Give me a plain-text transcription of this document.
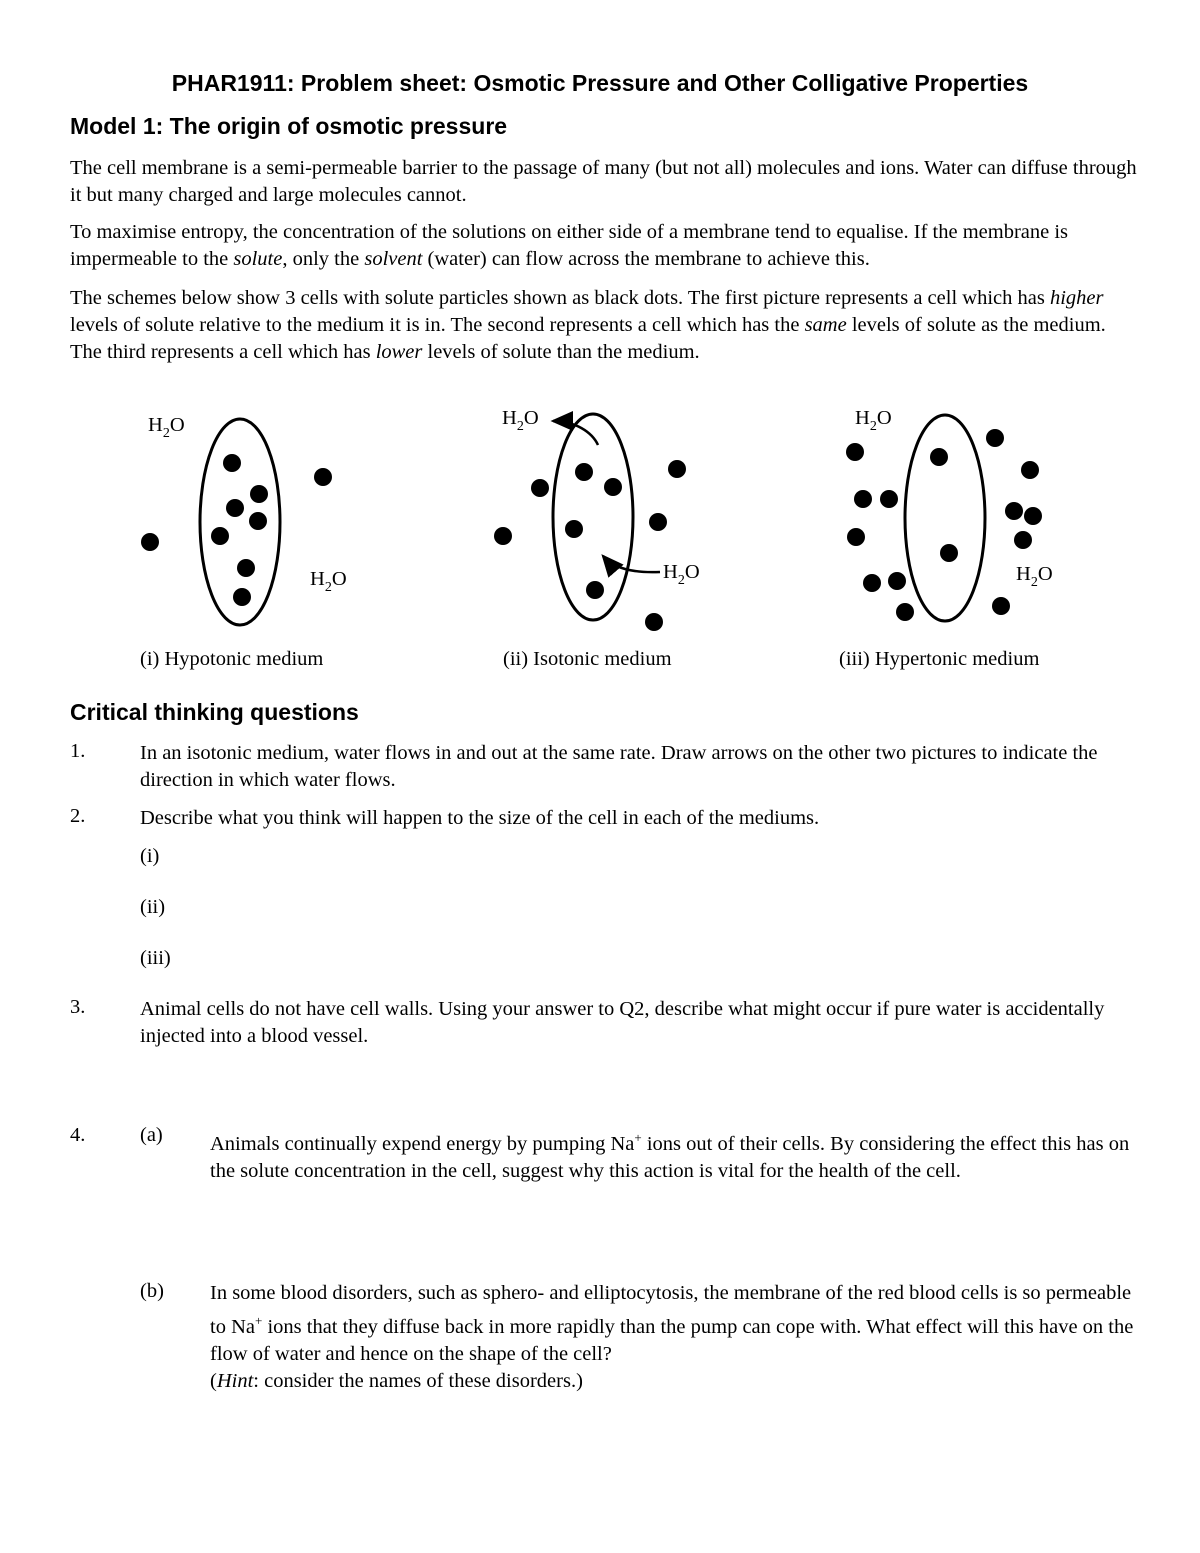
PHAR1911: Problem sheet: Osmotic Pressure and Other Colligative Properties
Model 1: The origin of osmotic pressure
The cell membrane is a semi-permeable barrier to the passage of many (but not all) molecules and ions. Water can diffuse through it but many charged and large molecules cannot.
To maximise entropy, the concentration of the solutions on either side of a membrane tend to equalise. If the membrane is impermeable to the solute, only the solvent (water) can flow across the membrane to achieve this.
The schemes below show 3 cells with solute particles shown as black dots. The first picture represents a cell which has higher levels of solute relative to the medium it is in. The second represents a cell which has the same levels of solute as the medium. The third represents a cell which has lower levels of solute than the medium.
$H_2O$
$H_2O$
$H_2O$
$H_2O$
$H_2O$
$H_2O$
(i) Hypotonic medium	(ii) Isotonic medium	(iii) Hypertonic medium
Critical thinking questions
1.	In an isotonic medium, water flows in and out at the same rate. Draw arrows on the other two pictures to indicate the direction in which water flows.
2.	Describe what you think will happen to the size of the cell in each of the mediums.
(i)
(ii)
(iii)
3.	Animal cells do not have cell walls. Using your answer to Q2, describe what might occur if pure water is accidentally injected into a blood vessel.
4.	(a) Animals continually expend energy by pumping Na+ ions out of their cells. By considering the effect this has on the solute concentration in the cell, suggest why this action is vital for the health of the cell.
(b) In some blood disorders, such as sphero- and elliptocytosis, the membrane of the red blood cells is so permeable to Na+ ions that they diffuse back in more rapidly than the pump can cope with. What effect will this have on the flow of water and hence on the shape of the cell?
(Hint: consider the names of these disorders.)
